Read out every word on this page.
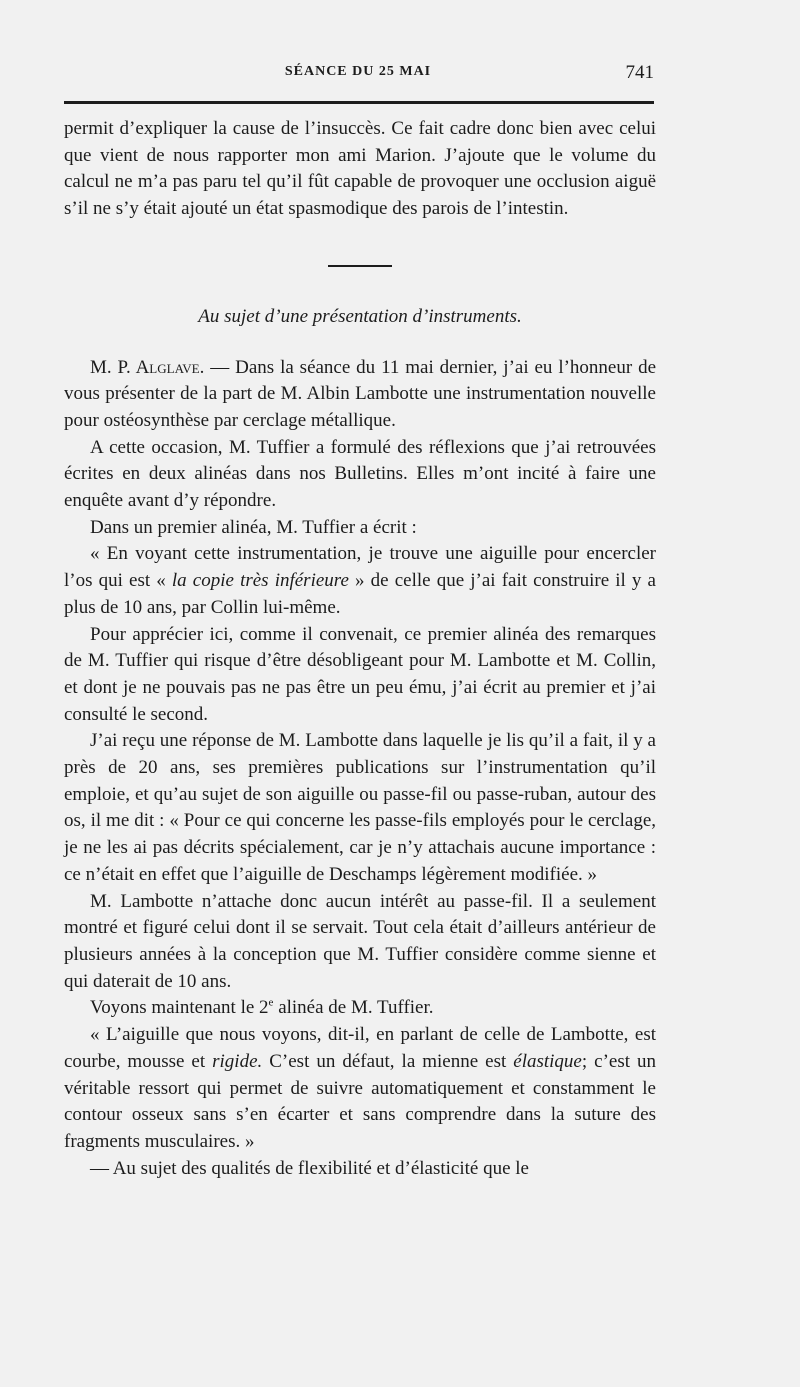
SÉANCE DU 25 MAI	741

permit d’expliquer la cause de l’insuccès. Ce fait cadre donc bien avec celui que vient de nous rapporter mon ami Marion. J’ajoute que le volume du calcul ne m’a pas paru tel qu’il fût capable de provoquer une occlusion aiguë s’il ne s’y était ajouté un état spasmodique des parois de l’intestin.

Au sujet d’une présentation d’instruments.

M. P. Alglave. — Dans la séance du 11 mai dernier, j’ai eu l’honneur de vous présenter de la part de M. Albin Lambotte une instrumentation nouvelle pour ostéosynthèse par cerclage métallique.

A cette occasion, M. Tuffier a formulé des réflexions que j’ai retrouvées écrites en deux alinéas dans nos Bulletins. Elles m’ont incité à faire une enquête avant d’y répondre.

Dans un premier alinéa, M. Tuffier a écrit :

« En voyant cette instrumentation, je trouve une aiguille pour encercler l’os qui est « la copie très inférieure » de celle que j’ai fait construire il y a plus de 10 ans, par Collin lui-même.

Pour apprécier ici, comme il convenait, ce premier alinéa des remarques de M. Tuffier qui risque d’être désobligeant pour M. Lambotte et M. Collin, et dont je ne pouvais pas ne pas être un peu ému, j’ai écrit au premier et j’ai consulté le second.

J’ai reçu une réponse de M. Lambotte dans laquelle je lis qu’il a fait, il y a près de 20 ans, ses premières publications sur l’instrumentation qu’il emploie, et qu’au sujet de son aiguille ou passe-fil ou passe-ruban, autour des os, il me dit : « Pour ce qui concerne les passe-fils employés pour le cerclage, je ne les ai pas décrits spécialement, car je n’y attachais aucune importance : ce n’était en effet que l’aiguille de Deschamps légèrement modifiée. »

M. Lambotte n’attache donc aucun intérêt au passe-fil. Il a seulement montré et figuré celui dont il se servait. Tout cela était d’ailleurs antérieur de plusieurs années à la conception que M. Tuffier considère comme sienne et qui daterait de 10 ans.

Voyons maintenant le 2e alinéa de M. Tuffier.

« L’aiguille que nous voyons, dit-il, en parlant de celle de Lambotte, est courbe, mousse et rigide. C’est un défaut, la mienne est élastique; c’est un véritable ressort qui permet de suivre automatiquement et constamment le contour osseux sans s’en écarter et sans comprendre dans la suture des fragments musculaires. »

— Au sujet des qualités de flexibilité et d’élasticité que le
